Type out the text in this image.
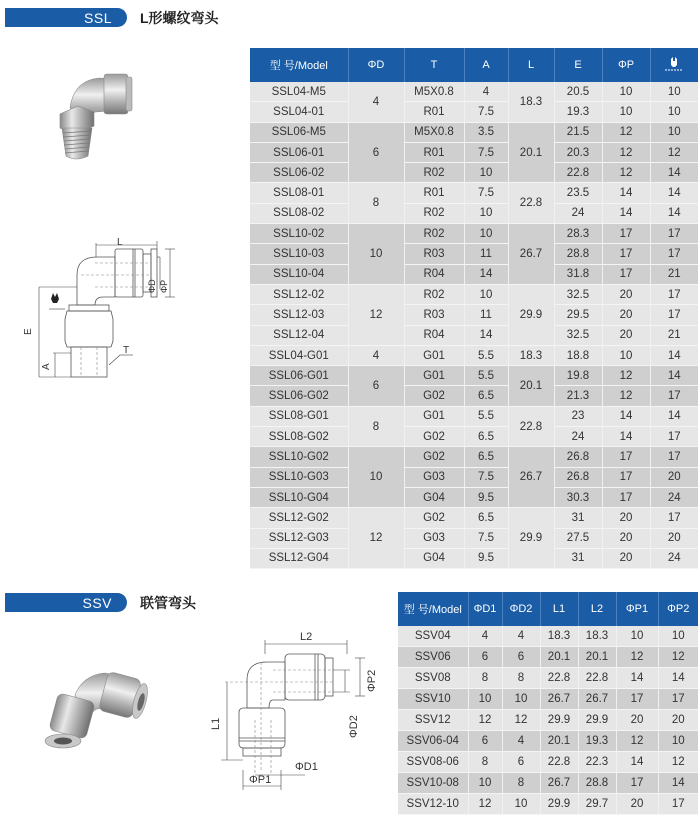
SSL	L形螺纹弯头
L
E
A
T
ΦD ΦP
型 号/Model	ΦD	T	A	L	E	ΦP	
SSL04-M5	4	M5X0.8	4	18.3	20.5	10	10
SSL04-01		R01	7.5		19.3	10	10
SSL06-M5	6	M5X0.8	3.5	20.1	21.5	12	10
SSL06-01		R01	7.5		20.3	12	12
SSL06-02		R02	10		22.8	12	14
SSL08-01	8	R01	7.5	22.8	23.5	14	14
SSL08-02		R02	10		24	14	14
SSL10-02	10	R02	10	26.7	28.3	17	17
SSL10-03		R03	11		28.8	17	17
SSL10-04		R04	14		31.8	17	21
SSL12-02	12	R02	10	29.9	32.5	20	17
SSL12-03		R03	11		29.5	20	17
SSL12-04		R04	14		32.5	20	21
SSL04-G01	4	G01	5.5	18.3	18.8	10	14
SSL06-G01	6	G01	5.5	20.1	19.8	12	14
SSL06-G02		G02	6.5		21.3	12	17
SSL08-G01	8	G01	5.5	22.8	23	14	14
SSL08-G02		G02	6.5		24	14	17
SSL10-G02	10	G02	6.5	26.7	26.8	17	17
SSL10-G03		G03	7.5		26.8	17	20
SSL10-G04		G04	9.5		30.3	17	24
SSL12-G02	12	G02	6.5	29.9	31	20	17
SSL12-G03		G03	7.5		27.5	20	20
SSL12-G04		G04	9.5		31	20	24
SSV	联管弯头
L2
L1
ΦP2
ΦD2
ΦD1
ΦP1
型 号/Model	ΦD1	ΦD2	L1	L2	ΦP1	ΦP2
SSV04	4	4	18.3	18.3	10	10
SSV06	6	6	20.1	20.1	12	12
SSV08	8	8	22.8	22.8	14	14
SSV10	10	10	26.7	26.7	17	17
SSV12	12	12	29.9	29.9	20	20
SSV06-04	6	4	20.1	19.3	12	10
SSV08-06	8	6	22.8	22.3	14	12
SSV10-08	10	8	26.7	28.8	17	14
SSV12-10	12	10	29.9	29.7	20	17
